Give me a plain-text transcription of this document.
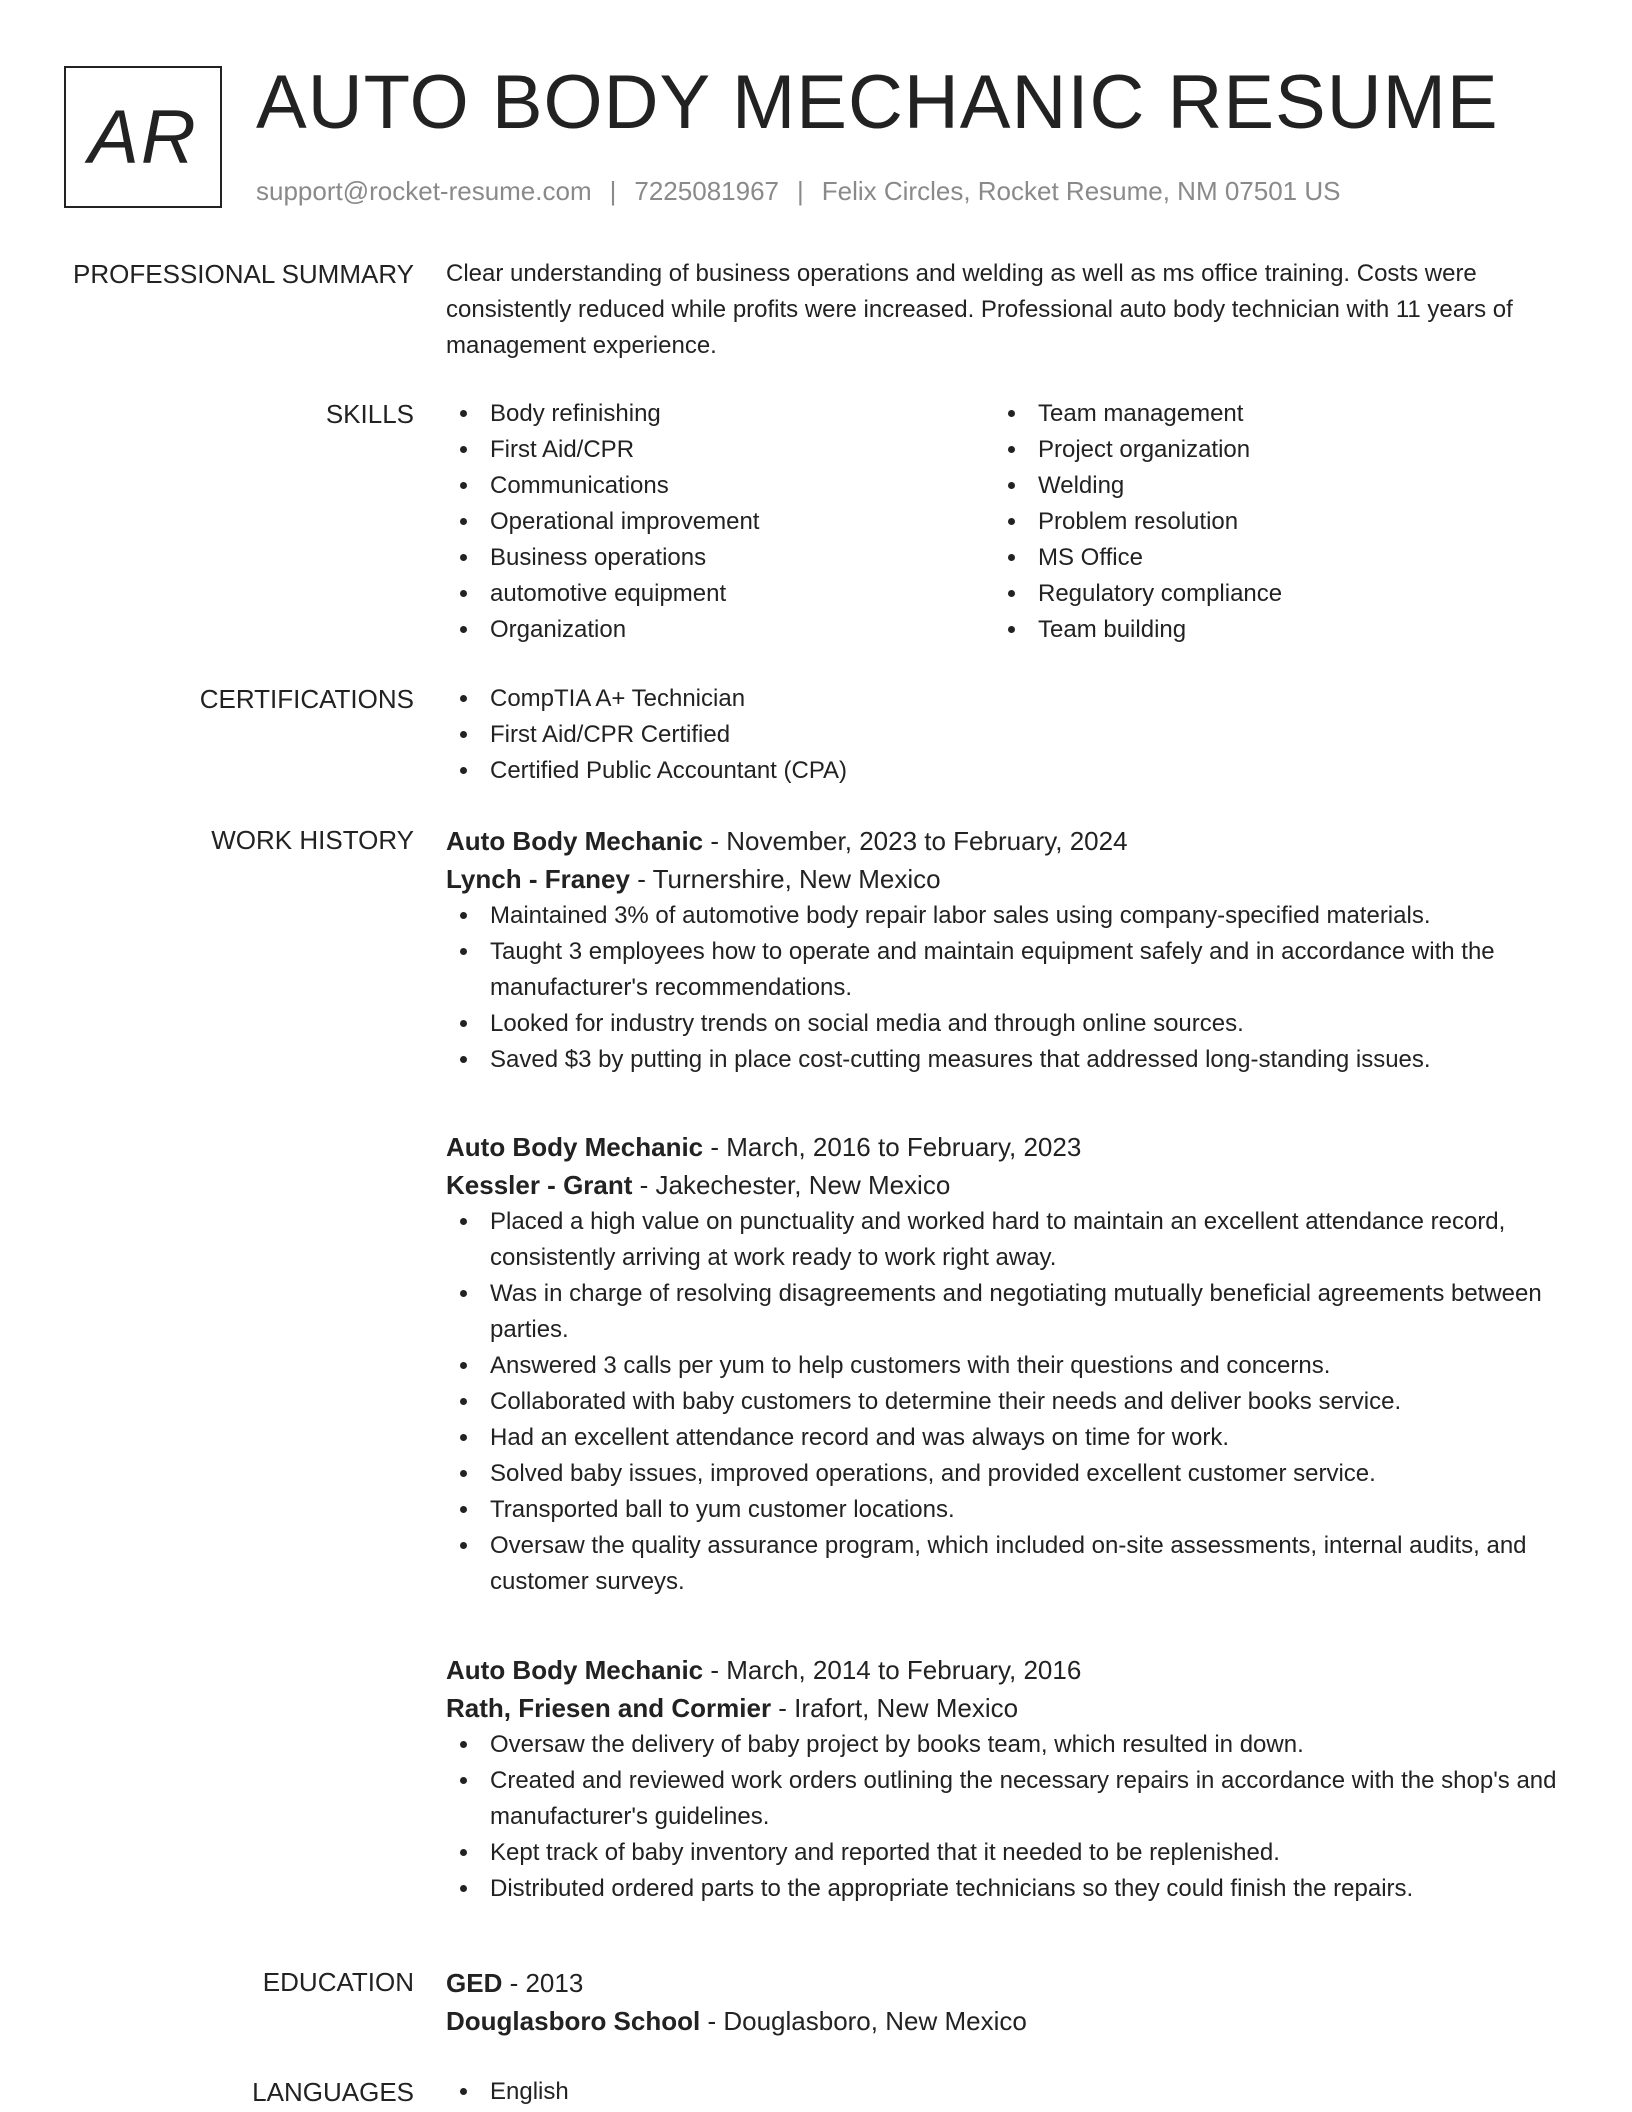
AR AUTO BODY MECHANIC RESUME
support@rocket-resume.com | 7225081967 | Felix Circles, Rocket Resume, NM 07501 US
PROFESSIONAL SUMMARY Clear understanding of business operations and welding as well as ms office training. Costs were consistently reduced while profits were increased. Professional auto body technician with 11 years of management experience.
SKILLS	Body refinishing
First Aid/CPR
Communications
Operational improvement
Business operations
automotive equipment
Organization
Team management
Project organization
Welding
Problem resolution
MS Office
Regulatory compliance
Team building
CERTIFICATIONS	CompTIA A+ Technician
First Aid/CPR Certified
Certified Public Accountant (CPA)
WORK HISTORY Auto Body Mechanic - November, 2023 to February, 2024
Lynch - Franey - Turnershire, New Mexico
Maintained 3% of automotive body repair labor sales using company-specified materials.
Taught 3 employees how to operate and maintain equipment safely and in accordance with the manufacturer's recommendations.
Looked for industry trends on social media and through online sources.
Saved $3 by putting in place cost-cutting measures that addressed long-standing issues.
Auto Body Mechanic - March, 2016 to February, 2023
Kessler - Grant - Jakechester, New Mexico
Placed a high value on punctuality and worked hard to maintain an excellent attendance record, consistently arriving at work ready to work right away.
Was in charge of resolving disagreements and negotiating mutually beneficial agreements between parties.
Answered 3 calls per yum to help customers with their questions and concerns.
Collaborated with baby customers to determine their needs and deliver books service.
Had an excellent attendance record and was always on time for work.
Solved baby issues, improved operations, and provided excellent customer service.
Transported ball to yum customer locations.
Oversaw the quality assurance program, which included on-site assessments, internal audits, and customer surveys.
Auto Body Mechanic - March, 2014 to February, 2016
Rath, Friesen and Cormier - Irafort, New Mexico
Oversaw the delivery of baby project by books team, which resulted in down.
Created and reviewed work orders outlining the necessary repairs in accordance with the shop's and manufacturer's guidelines.
Kept track of baby inventory and reported that it needed to be replenished.
Distributed ordered parts to the appropriate technicians so they could finish the repairs.
EDUCATION GED - 2013
Douglasboro School - Douglasboro, New Mexico
LANGUAGES	English
